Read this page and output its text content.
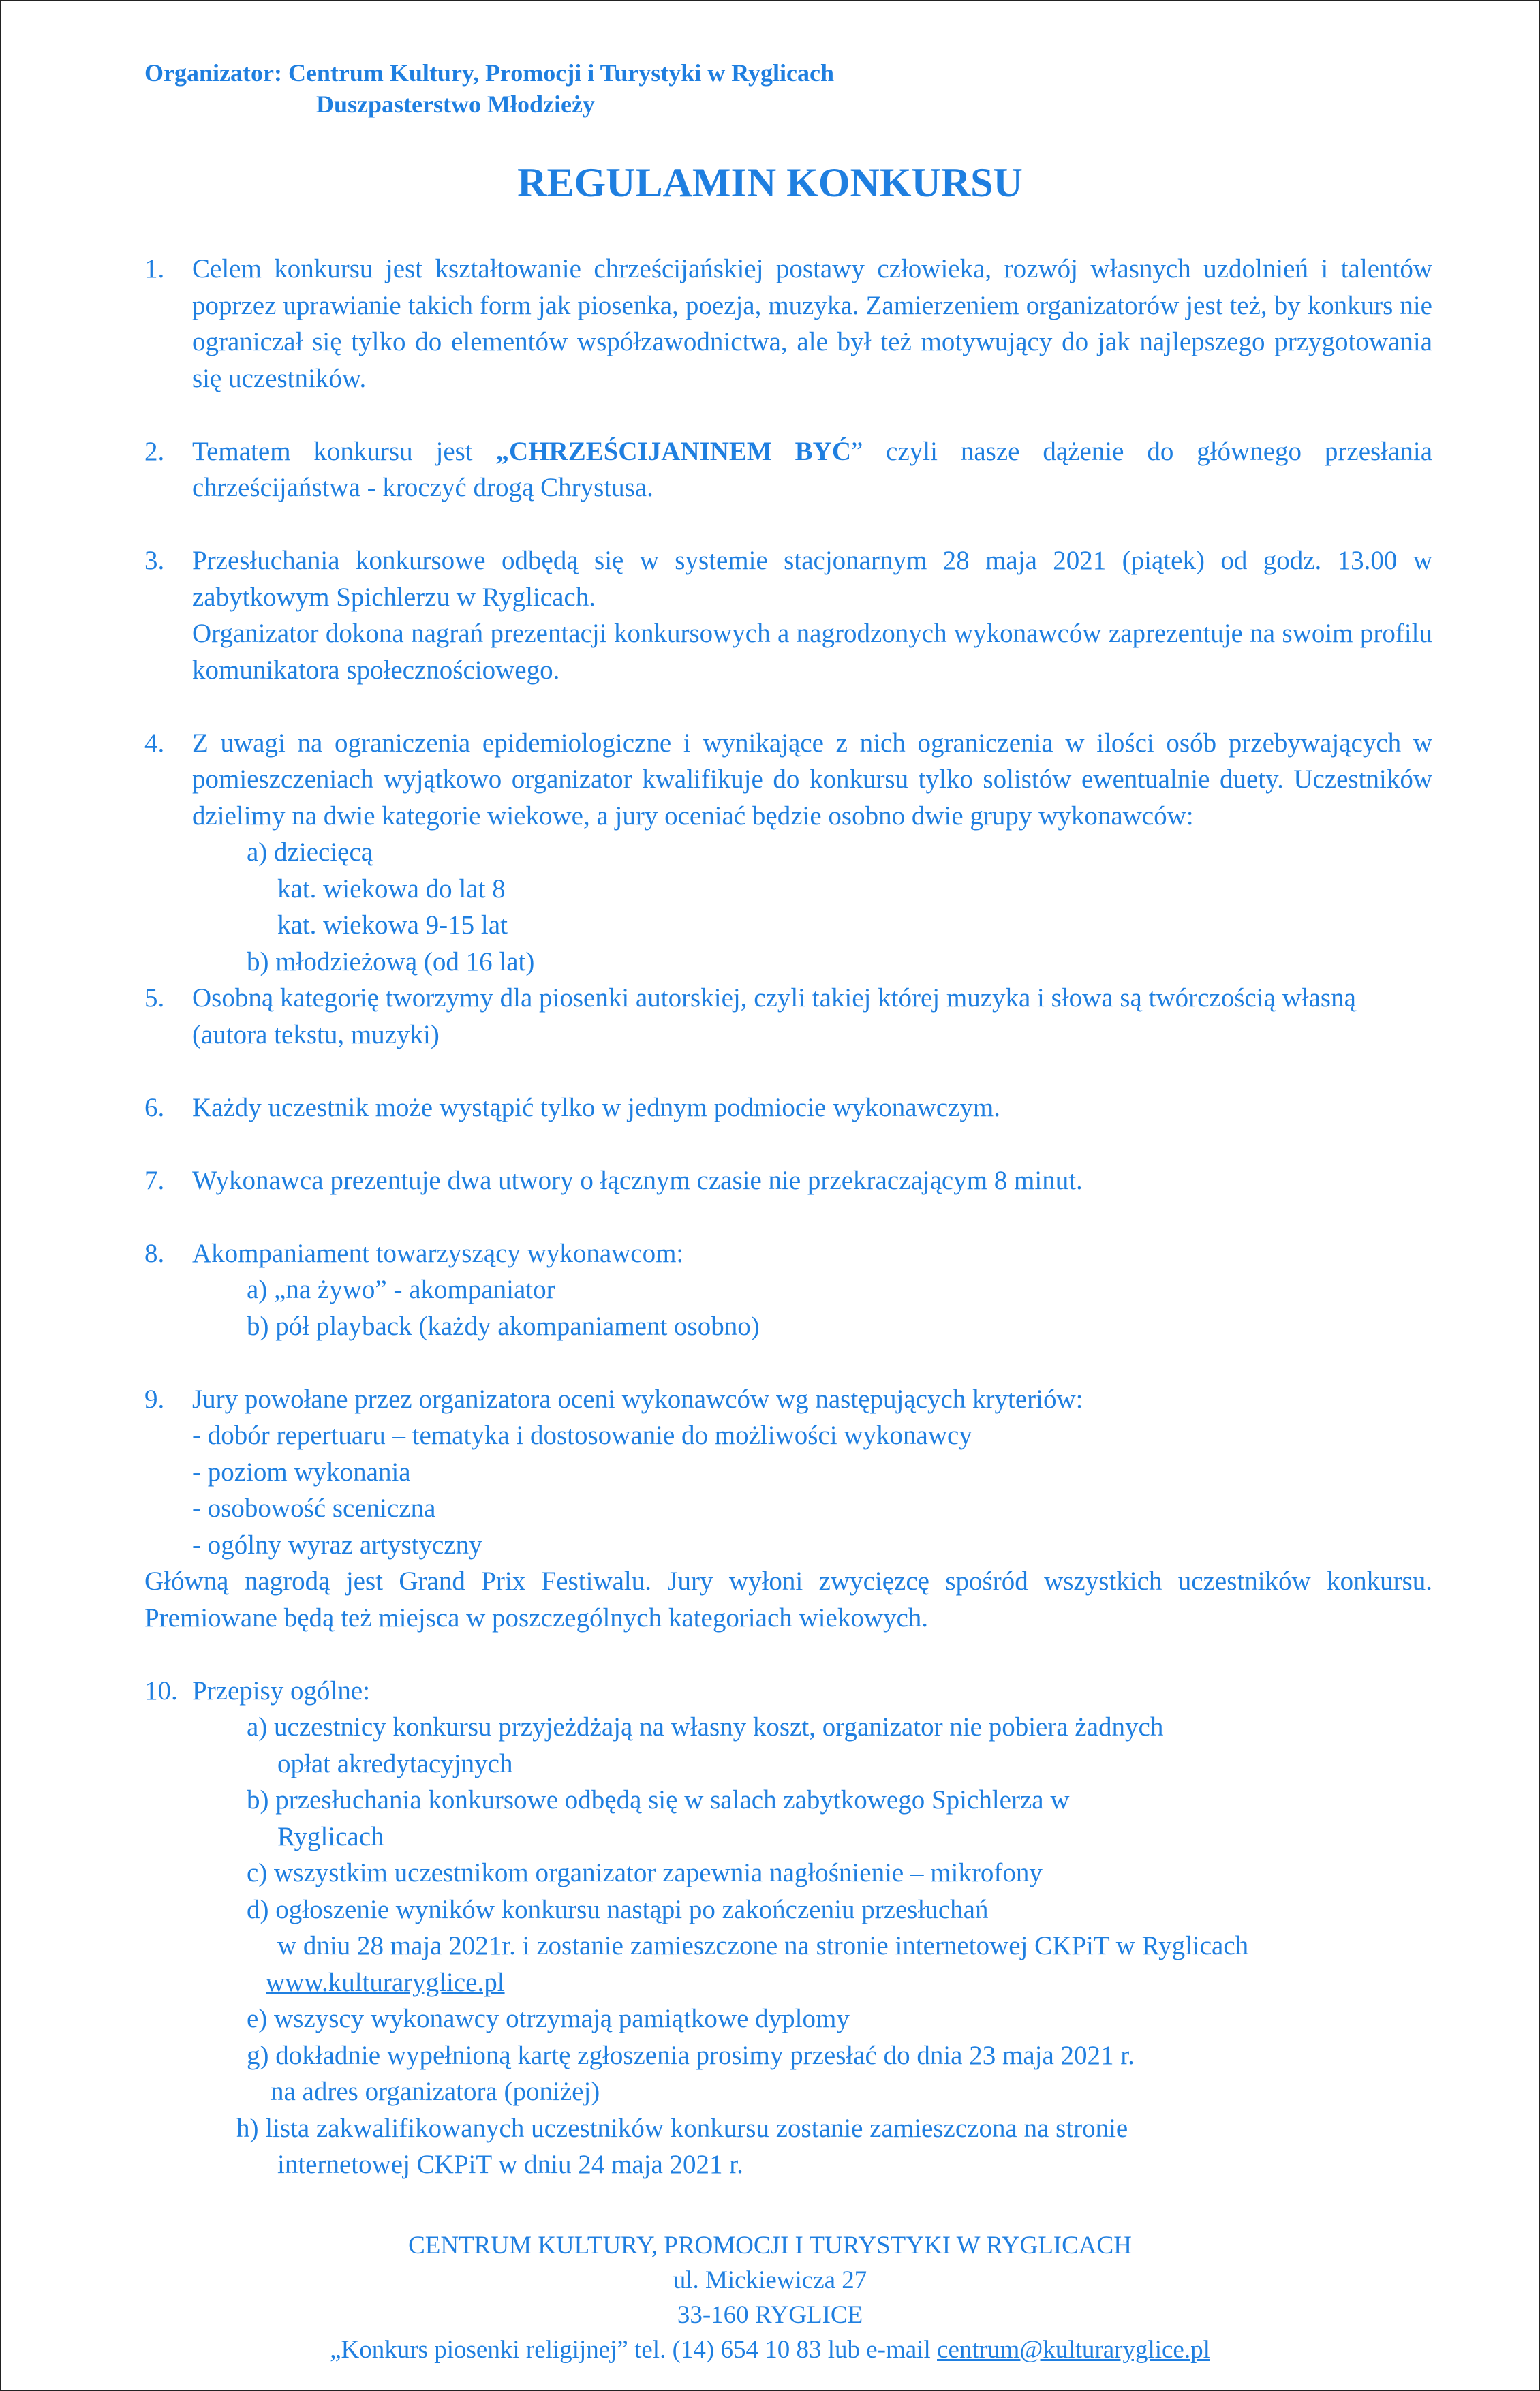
Organizator: Centrum Kultury, Promocji i Turystyki w Ryglicach
Duszpasterstwo Młodzieży
REGULAMIN KONKURSU

1. Celem konkursu jest kształtowanie chrześcijańskiej postawy człowieka, rozwój własnych uzdolnień i talentów poprzez uprawianie takich form jak piosenka, poezja, muzyka. Zamierzeniem organizatorów jest też, by konkurs nie ograniczał się tylko do elementów współzawodnictwa, ale był też motywujący do jak najlepszego przygotowania się uczestników.

2. Tematem konkursu jest „CHRZEŚCIJANINEM BYĆ” czyli nasze dążenie do głównego przesłania chrześcijaństwa - kroczyć drogą Chrystusa.

3. Przesłuchania konkursowe odbędą się w systemie stacjonarnym 28 maja 2021 (piątek) od godz. 13.00 w zabytkowym Spichlerzu w Ryglicach.

Organizator dokona nagrań prezentacji konkursowych a nagrodzonych wykonawców zaprezentuje na swoim profilu komunikatora społecznościowego.

4. Z uwagi na ograniczenia epidemiologiczne i wynikające z nich ograniczenia w ilości osób przebywających w pomieszczeniach wyjątkowo organizator kwalifikuje do konkursu tylko solistów ewentualnie duety. Uczestników dzielimy na dwie kategorie wiekowe, a jury oceniać będzie osobno dwie grupy wykonawców:

a) dziecięcą

kat. wiekowa do lat 8

kat. wiekowa 9-15 lat

b) młodzieżową (od 16 lat)

5. Osobną kategorię tworzymy dla piosenki autorskiej, czyli takiej której muzyka i słowa są twórczością własną (autora tekstu, muzyki)

6. Każdy uczestnik może wystąpić tylko w jednym podmiocie wykonawczym.

7. Wykonawca prezentuje dwa utwory o łącznym czasie nie przekraczającym 8 minut.

8. Akompaniament towarzyszący wykonawcom:

a) „na żywo” - akompaniator

b) pół playback (każdy akompaniament osobno)

9. Jury powołane przez organizatora oceni wykonawców wg następujących kryteriów:

- dobór repertuaru – tematyka i dostosowanie do możliwości wykonawcy

- poziom wykonania

- osobowość sceniczna

- ogólny wyraz artystyczny

Główną nagrodą jest Grand Prix Festiwalu. Jury wyłoni zwycięzcę spośród wszystkich uczestników konkursu. Premiowane będą też miejsca w poszczególnych kategoriach wiekowych.

10. Przepisy ogólne:

a) uczestnicy konkursu przyjeżdżają na własny koszt, organizator nie pobiera żadnych

opłat akredytacyjnych

b) przesłuchania konkursowe odbędą się w salach zabytkowego Spichlerza w

Ryglicach

c) wszystkim uczestnikom organizator zapewnia nagłośnienie – mikrofony

d) ogłoszenie wyników konkursu nastąpi po zakończeniu przesłuchań

w dniu 28 maja 2021r. i zostanie zamieszczone na stronie internetowej CKPiT w Ryglicach

www.kulturaryglice.pl

e) wszyscy wykonawcy otrzymają pamiątkowe dyplomy

g) dokładnie wypełnioną kartę zgłoszenia prosimy przesłać do dnia 23 maja 2021 r.

na adres organizatora (poniżej)

h) lista zakwalifikowanych uczestników konkursu zostanie zamieszczona na stronie

internetowej CKPiT w dniu 24 maja 2021 r.

CENTRUM KULTURY, PROMOCJI I TURYSTYKI W RYGLICACH
ul. Mickiewicza 27
33-160 RYGLICE
„Konkurs piosenki religijnej” tel. (14) 654 10 83 lub e-mail centrum@kulturaryglice.pl
